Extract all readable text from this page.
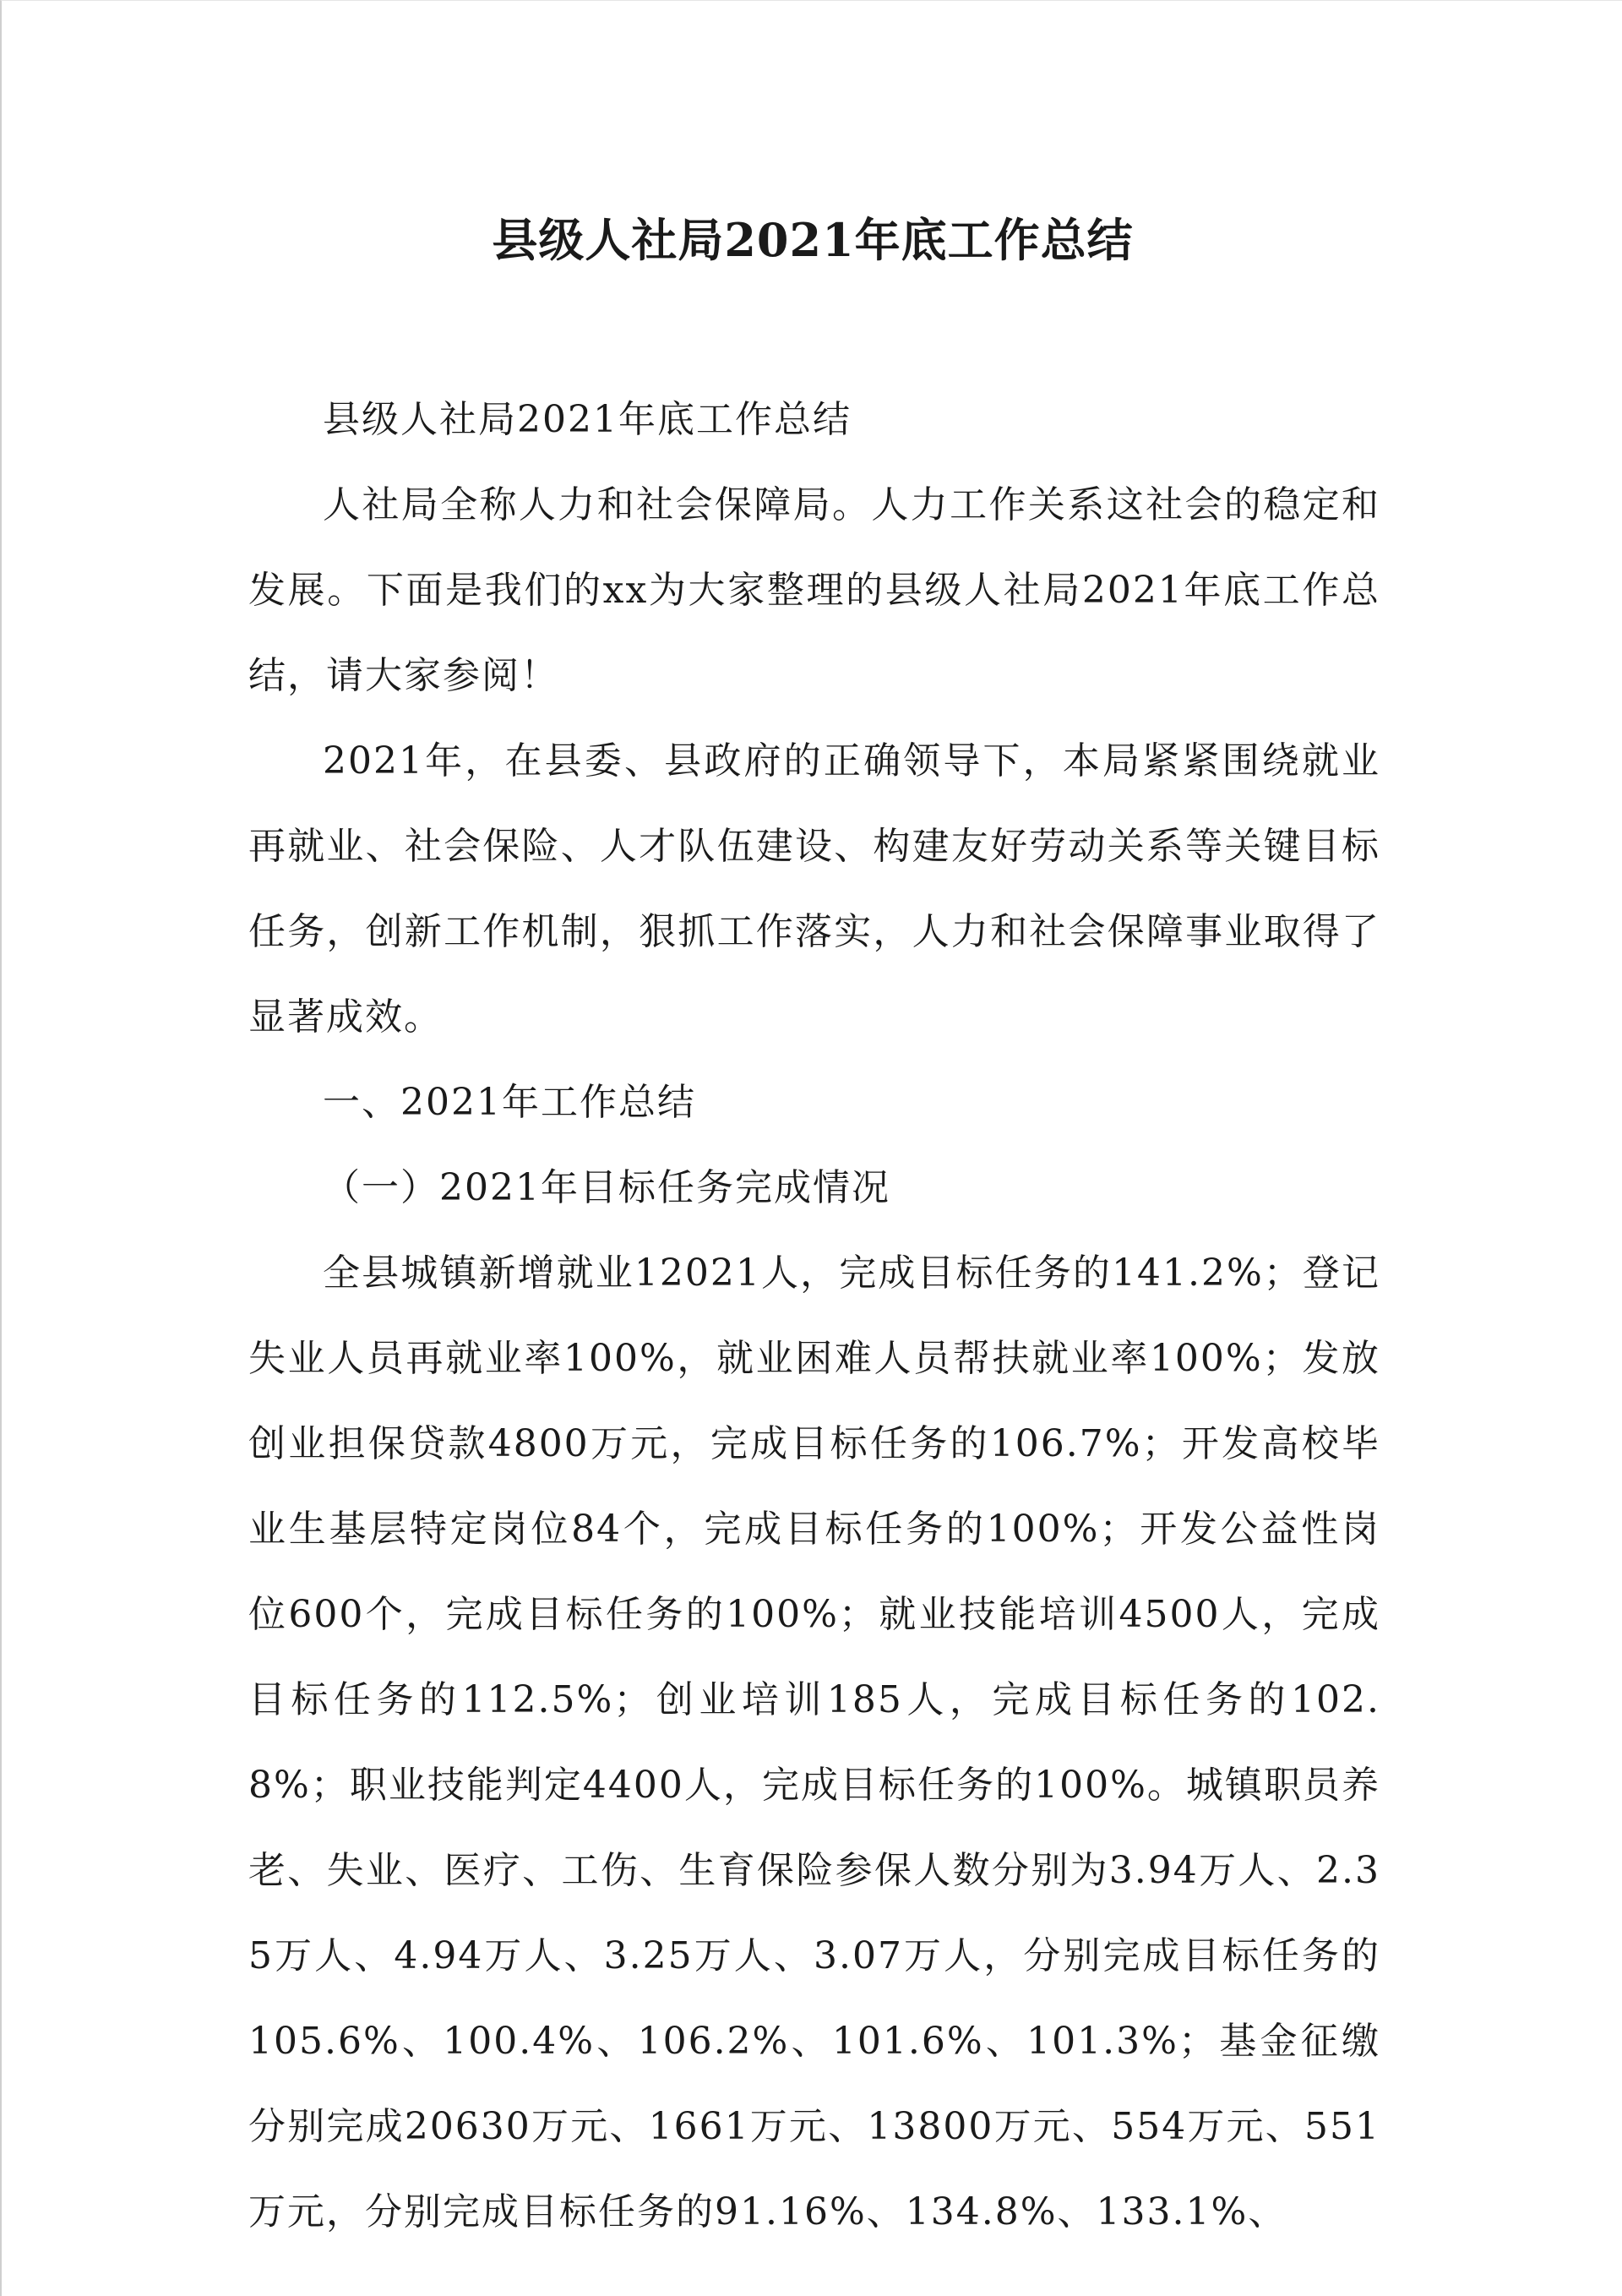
县级人社局2021年底工作总结

县级人社局2021年底工作总结

人社局全称人力和社会保障局。人力工作关系这社会的稳定和发展。下面是我们的xx为大家整理的县级人社局2021年底工作总结，请大家参阅！

2021年，在县委、县政府的正确领导下，本局紧紧围绕就业再就业、社会保险、人才队伍建设、构建友好劳动关系等关键目标任务，创新工作机制，狠抓工作落实，人力和社会保障事业取得了显著成效。

一、2021年工作总结

（一）2021年目标任务完成情况

全县城镇新增就业12021人，完成目标任务的141.2%；登记失业人员再就业率100%，就业困难人员帮扶就业率100%；发放创业担保贷款4800万元，完成目标任务的106.7%；开发高校毕业生基层特定岗位84个，完成目标任务的100%；开发公益性岗位600个，完成目标任务的100%；就业技能培训4500人，完成目标任务的112.5%；创业培训185人，完成目标任务的102.8%；职业技能判定4400人，完成目标任务的100%。城镇职员养老、失业、医疗、工伤、生育保险参保人数分别为3.94万人、2.35万人、4.94万人、3.25万人、3.07万人，分别完成目标任务的105.6%、100.4%、106.2%、101.6%、101.3%；基金征缴分别完成20630万元、1661万元、13800万元、554万元、551万元，分别完成目标任务的91.16%、134.8%、133.1%、
